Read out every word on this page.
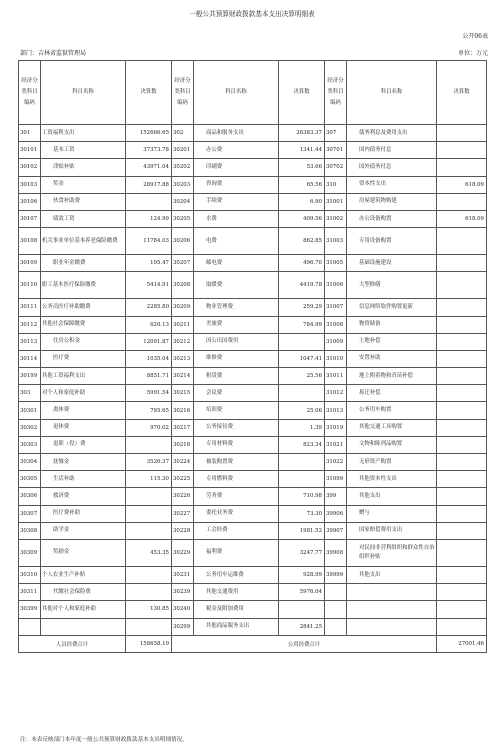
一般公共预算财政拨款基本支出决算明细表
公开06表
部门：吉林省监狱管理局	单位：万元
经济分类科目编码	科目名称	决算数	经济分类科目编码	科目名称	决算数	经济分类科目编码	科目名称	决算数
301	工资福利支出	152666.65	302	商品和服务支出	26383.37	307	债务利息及费用支出	
30101	基本工资	37373.78	30201	办公费	1341.44	30701	国内债务付息	
30102	津贴补贴	43971.04	30202	印刷费	53.66	30702	国外债务付息	
30103	奖金	28917.88	30203	咨询费	65.56	310	资本性支出	618.09
30106	伙食补助费		30204	手续费	6.90	31001	房屋建筑物购建	
30107	绩效工资	124.99	30205	水费	409.56	31002	办公设备购置	618.09
30108	机关事业单位基本养老保险缴费	11784.03	30206	电费	862.85	31003	专用设备购置	
30109	职业年金缴费	195.47	30207	邮电费	496.70	31005	基础设施建设	
30110	职工基本医疗保险缴费	5414.91	30208	取暖费	4419.78	31006	大型修缮	
30111	公务员医疗补助缴费	2285.80	30209	物业管理费	259.29	31007	信息网络软件购置更新	
30112	其他社会保障缴费	620.13	30211	差旅费	784.99	31008	物资储备	
30113	住房公积金	12091.87	30212	因公出国费用		31009	土地补偿	
30114	医疗费	1035.04	30213	维修费	1047.41	31010	安置补助	
30199	其他工资福利支出	8851.71	30214	租赁费	25.56	31011	地上附着物和青苗补偿	
303	对个人和家庭补助	5991.54	30215	会议费		31012	拆迁补偿	
30301	离休费	795.65	30216	培训费	25.06	31013	公务用车购置	
30302	退休费	970.02	30217	公务接待费	1.39	31019	其他交通工具购置	
30303	退职（役）费		30218	专用材料费	823.34	31021	文物和陈列品购置	
30304	抚恤金	3526.37	30224	被装购置费		31022	无形资产购置	
30305	生活补助	115.30	30225	专用燃料费		31099	其他资本性支出	
30306	救济费		30226	劳务费	710.98	399	其他支出	
30307	医疗费补助		30227	委托业务费	73.30	39906	赠与	
30308	助学金		30228	工会经费	1981.52	39907	国家赔偿费用支出	
30309	奖励金	453.35	30229	福利费	3247.77	39908	对民间非营利组织和群众性自治组织补贴	
30310	个人农业生产补贴		30231	公务用车运维费	928.99	39999	其他支出	
30311	代缴社会保险费		30239	其他交通费用	5976.04			
30399	其他对个人和家庭补助	130.85	30240	税金及附加费用				
			30299	其他商品服务支出	2841.25			
人员经费合计		158658.19	公用经费合计					27001.46
注：本表反映部门本年度一般公共预算财政拨款基本支出明细情况。
